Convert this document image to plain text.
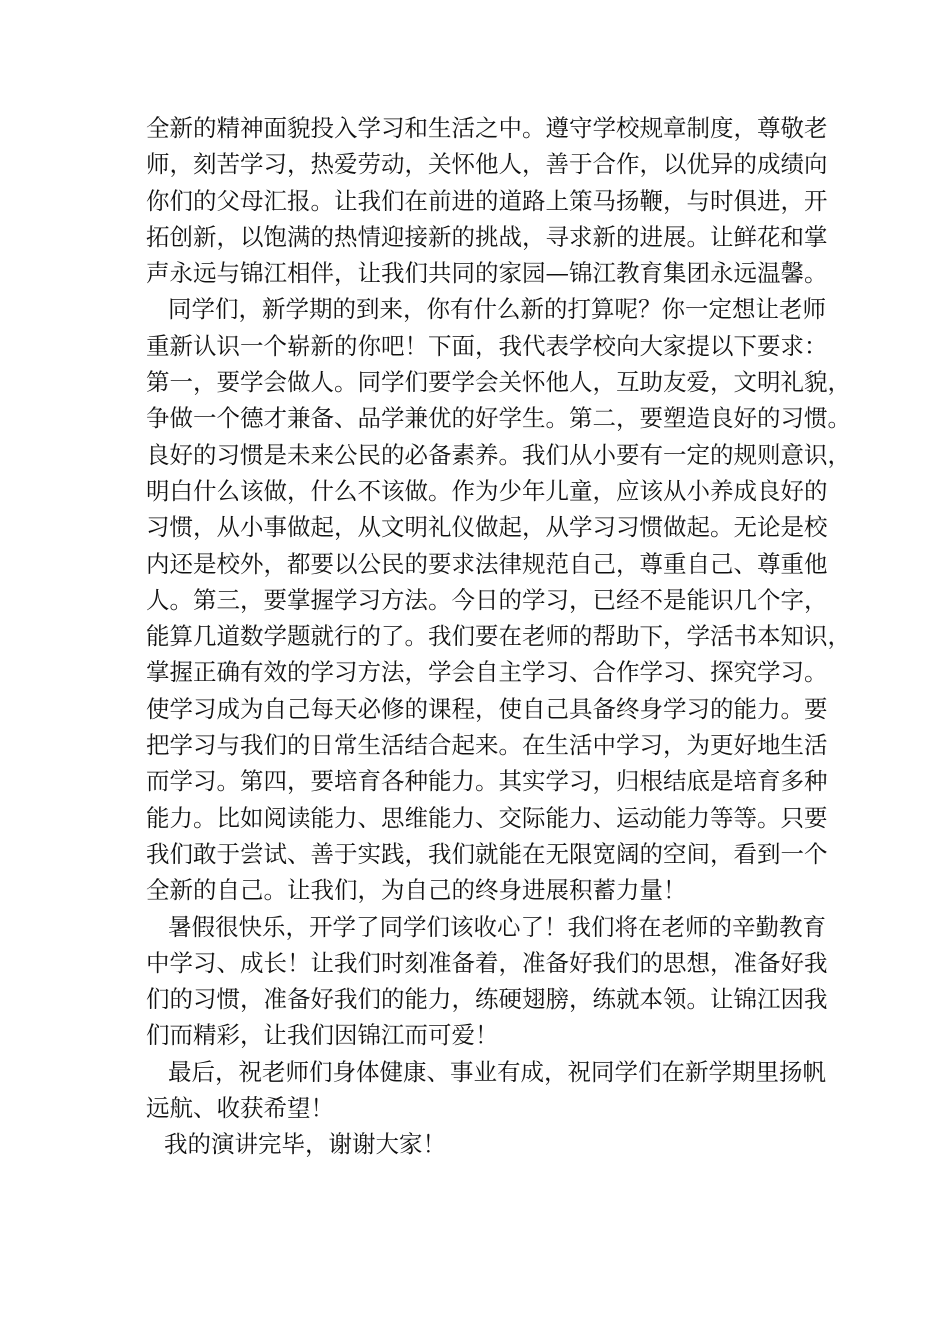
全新的精神面貌投入学习和生活之中。遵守学校规章制度，尊敬老
师，刻苦学习，热爱劳动，关怀他人，善于合作，以优异的成绩向
你们的父母汇报。让我们在前进的道路上策马扬鞭，与时俱进，开
拓创新，以饱满的热情迎接新的挑战，寻求新的进展。让鲜花和掌
声永远与锦江相伴，让我们共同的家园—锦江教育集团永远温馨。
同学们，新学期的到来，你有什么新的打算呢？你一定想让老师
重新认识一个崭新的你吧！下面，我代表学校向大家提以下要求：
第一，要学会做人。同学们要学会关怀他人，互助友爱，文明礼貌，
争做一个德才兼备、品学兼优的好学生。第二，要塑造良好的习惯。
良好的习惯是未来公民的必备素养。我们从小要有一定的规则意识，
明白什么该做，什么不该做。作为少年儿童，应该从小养成良好的
习惯，从小事做起，从文明礼仪做起，从学习习惯做起。无论是校
内还是校外，都要以公民的要求法律规范自己，尊重自己、尊重他
人。第三，要掌握学习方法。今日的学习，已经不是能识几个字，
能算几道数学题就行的了。我们要在老师的帮助下，学活书本知识，
掌握正确有效的学习方法，学会自主学习、合作学习、探究学习。
使学习成为自己每天必修的课程，使自己具备终身学习的能力。要
把学习与我们的日常生活结合起来。在生活中学习，为更好地生活
而学习。第四，要培育各种能力。其实学习，归根结底是培育多种
能力。比如阅读能力、思维能力、交际能力、运动能力等等。只要
我们敢于尝试、善于实践，我们就能在无限宽阔的空间，看到一个
全新的自己。让我们，为自己的终身进展积蓄力量！
暑假很快乐，开学了同学们该收心了！我们将在老师的辛勤教育
中学习、成长！让我们时刻准备着，准备好我们的思想，准备好我
们的习惯，准备好我们的能力，练硬翅膀，练就本领。让锦江因我
们而精彩，让我们因锦江而可爱！
最后，祝老师们身体健康、事业有成，祝同学们在新学期里扬帆
远航、收获希望！
我的演讲完毕，谢谢大家！
